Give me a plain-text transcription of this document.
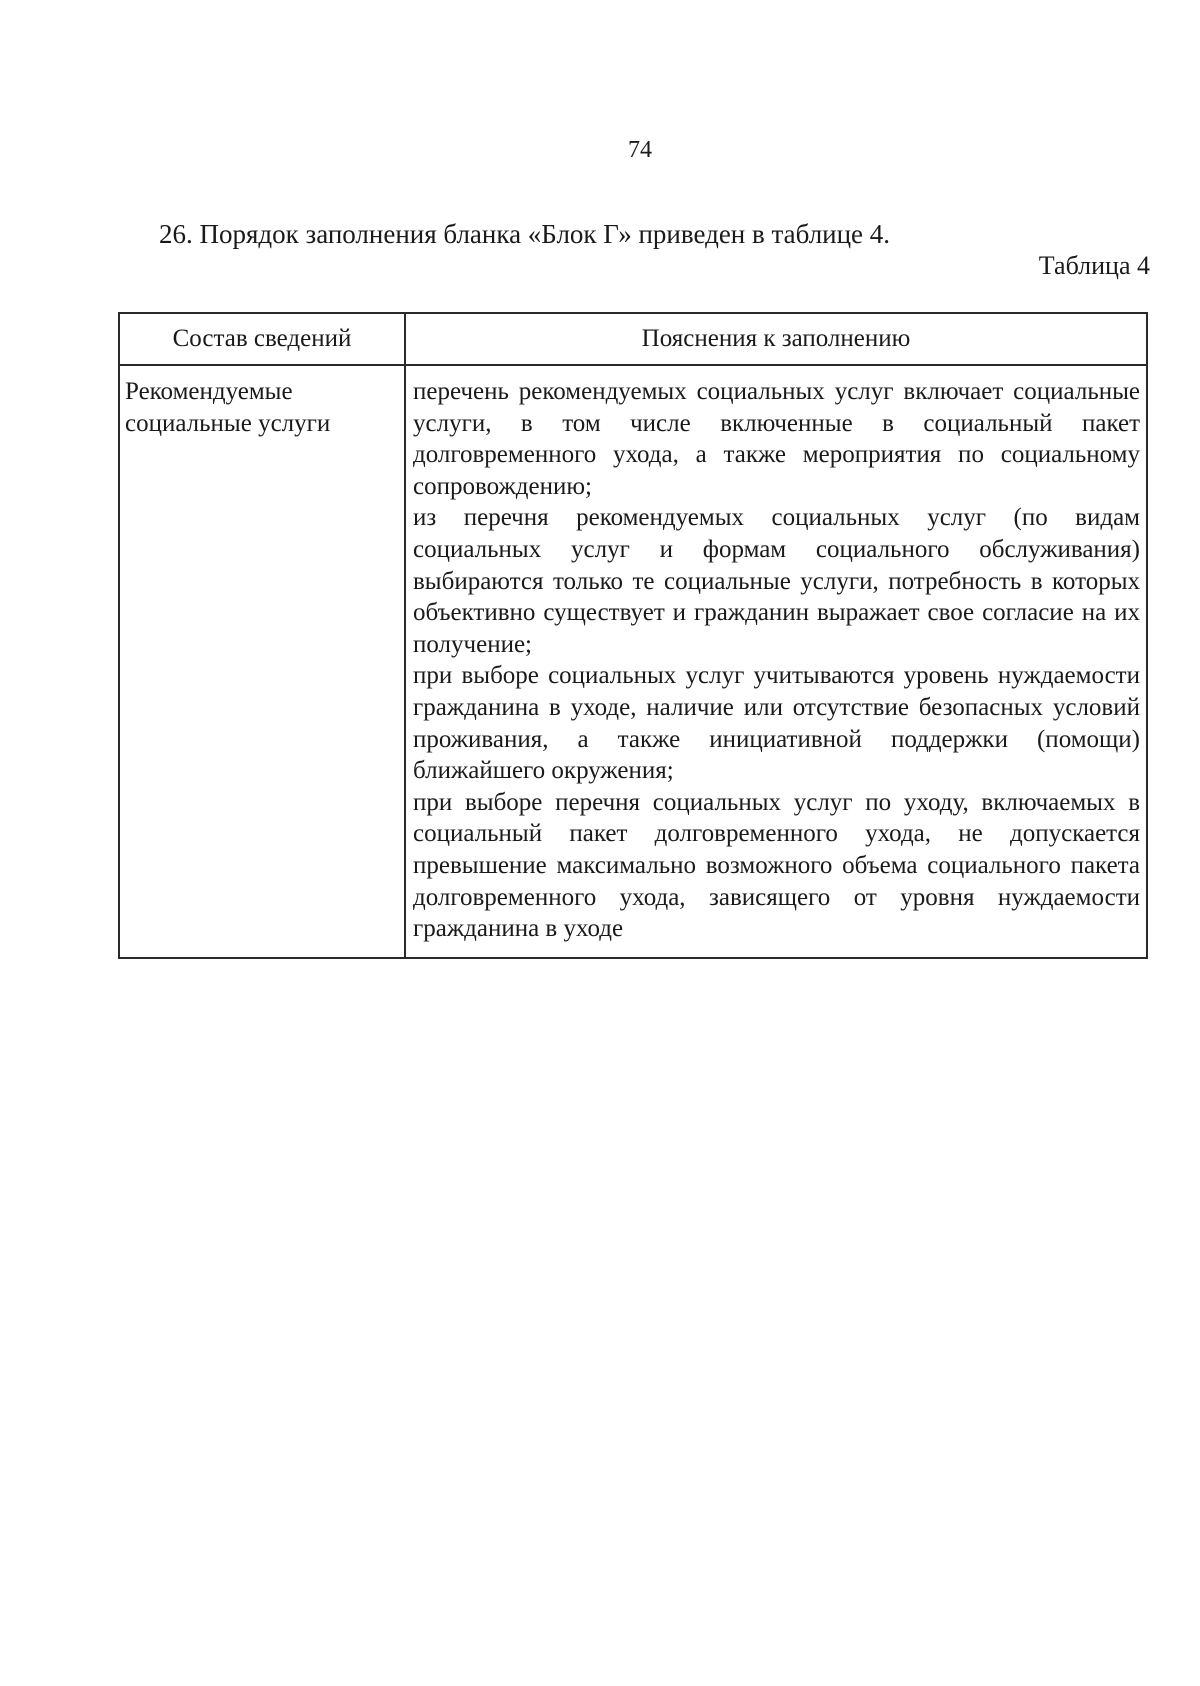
74
26. Порядок заполнения бланка «Блок Г» приведен в таблице 4.
Таблица 4
Состав сведений	Пояснения к заполнению
Рекомендуемые социальные услуги	перечень рекомендуемых социальных услуг включает социальные услуги, в том числе включенные в социальный пакет долговременного ухода, а также мероприятия по социальному сопровождению;
из перечня рекомендуемых социальных услуг (по видам социальных услуг и формам социального обслуживания) выбираются только те социальные услуги, потребность в которых объективно существует и гражданин выражает свое согласие на их получение;
при выборе социальных услуг учитываются уровень нуждаемости гражданина в уходе, наличие или отсутствие безопасных условий проживания, а также инициативной поддержки (помощи) ближайшего окружения;
при выборе перечня социальных услуг по уходу, включаемых в социальный пакет долговременного ухода, не допускается превышение максимально возможного объема социального пакета долговременного ухода, зависящего от уровня нуждаемости гражданина в уходе
